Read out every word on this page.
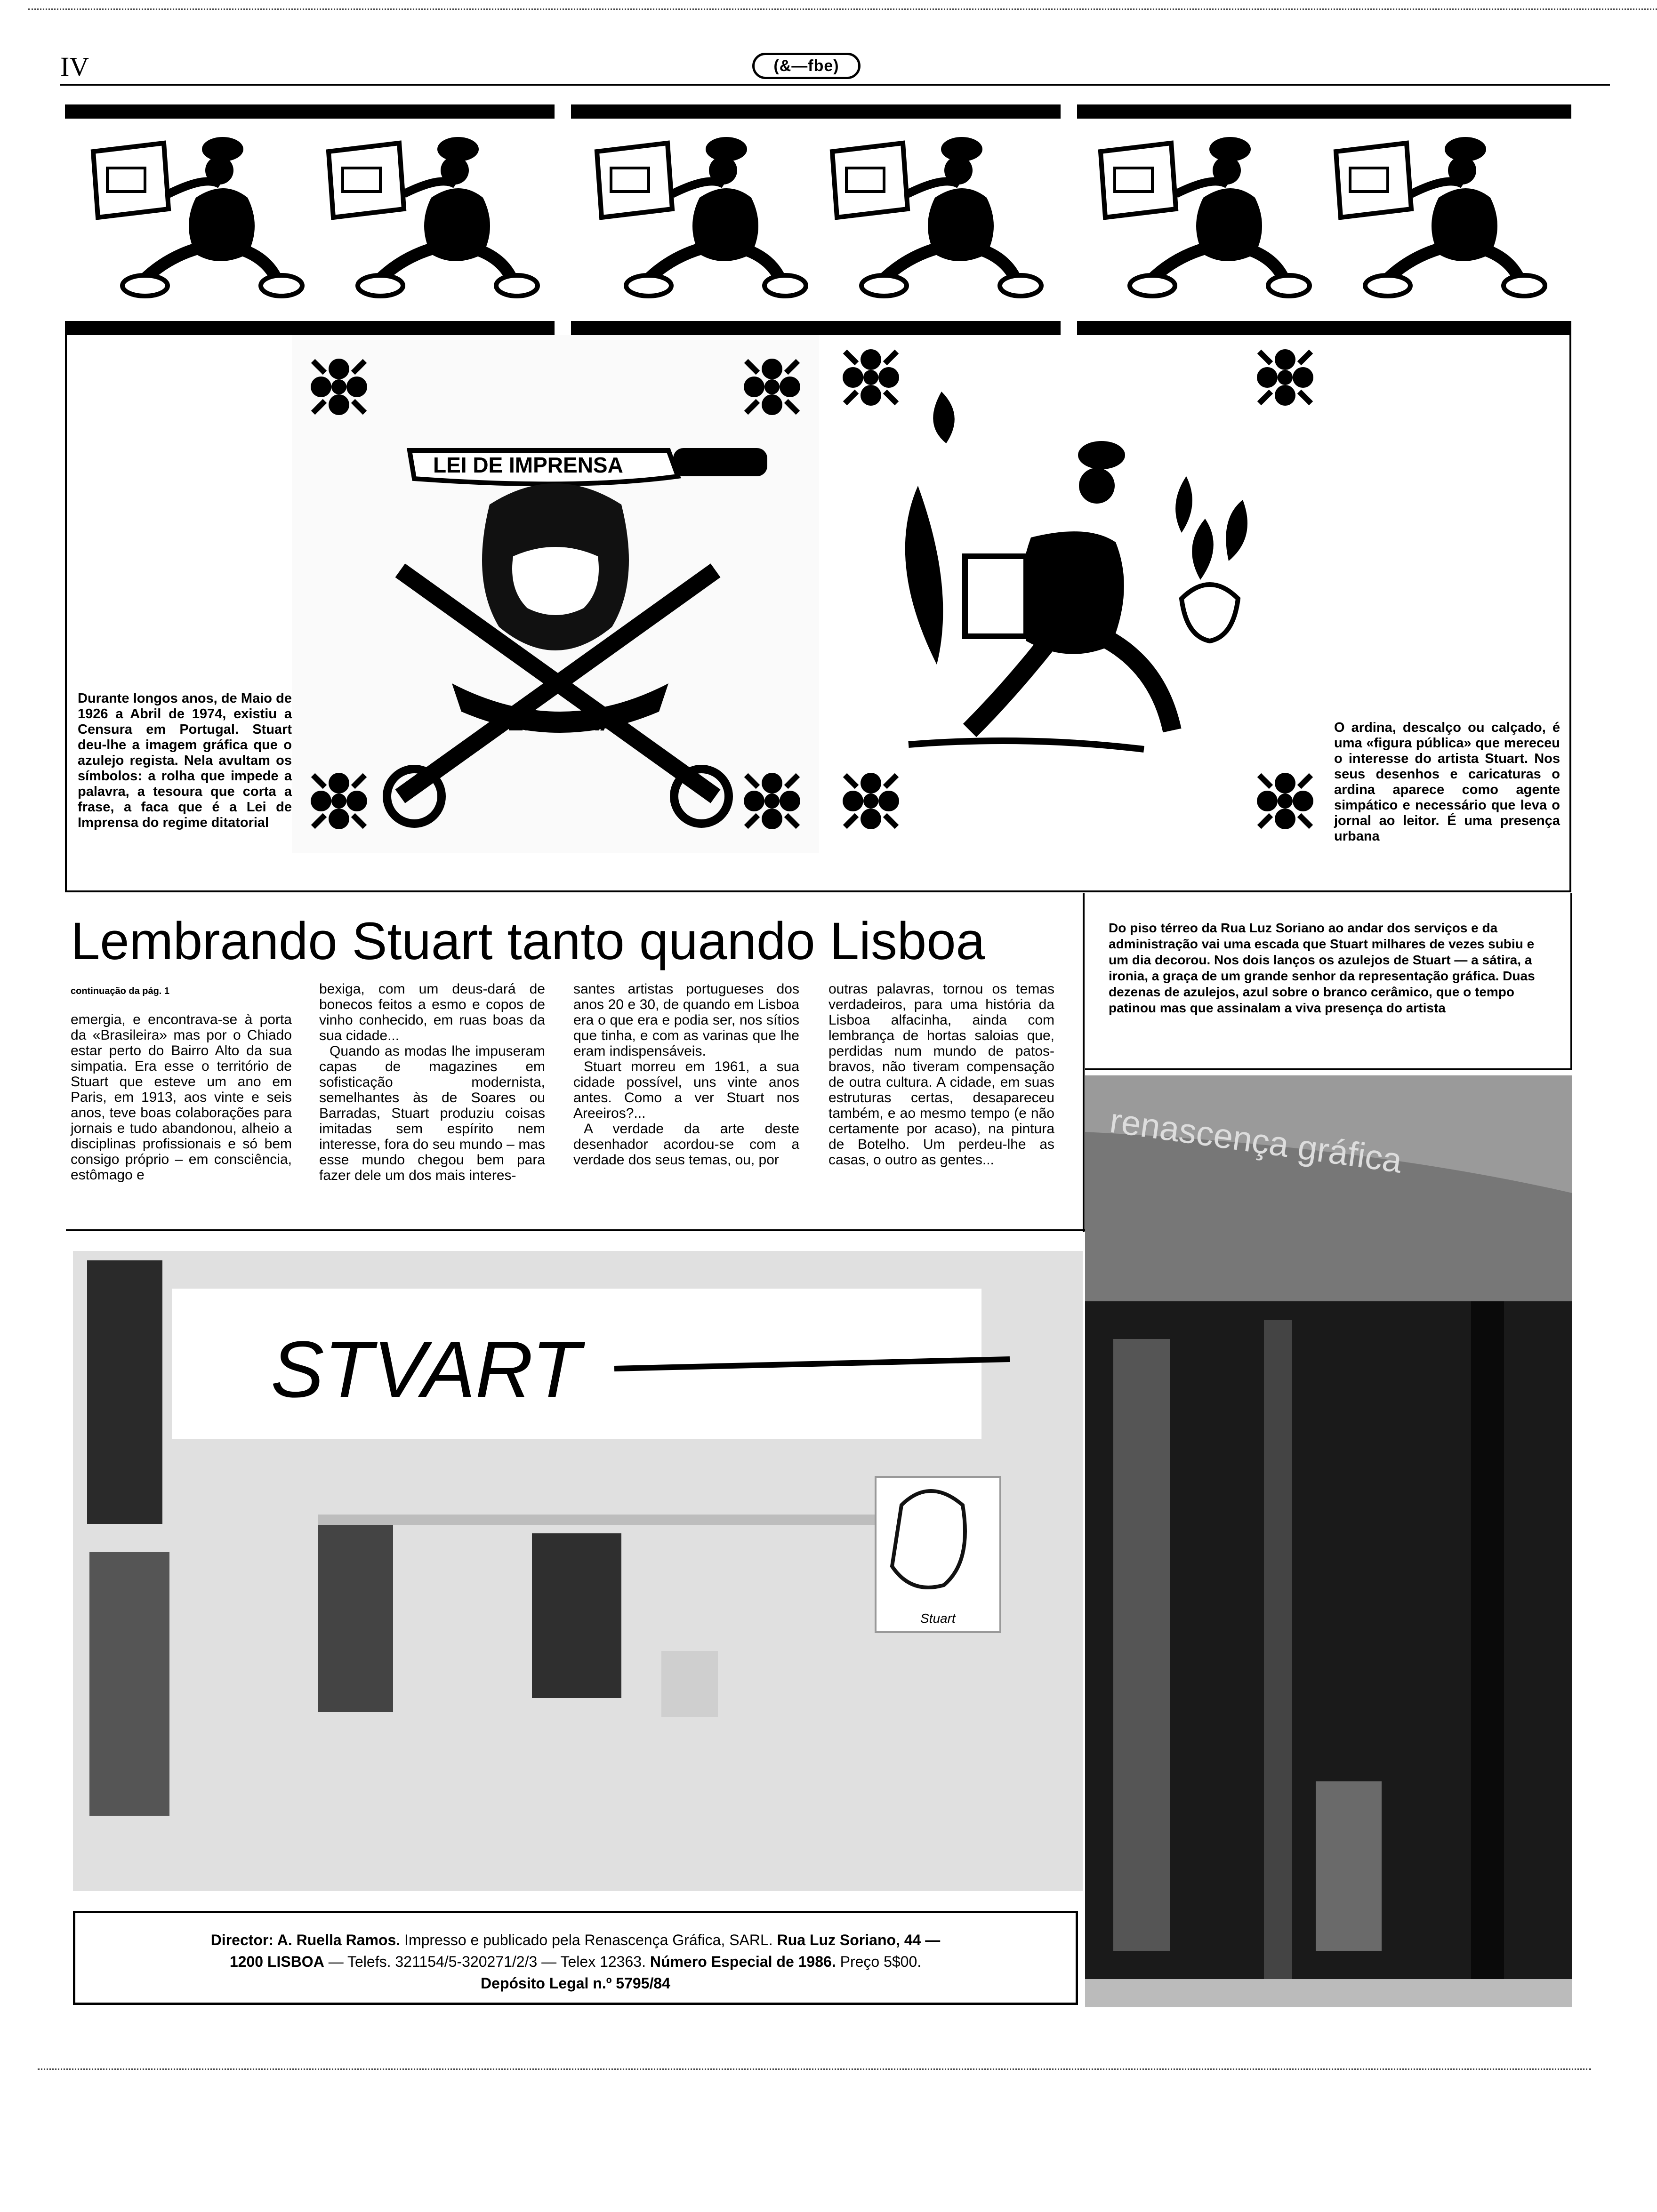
IV	(&—fbe)
LEI DE IMPRENSA
CEN SURA
Durante longos anos, de Maio de 1926 a Abril de 1974, existiu a Censura em Portugal. Stuart deu-lhe a imagem gráfica que o azulejo regista. Nela avultam os símbolos: a rolha que impede a palavra, a tesoura que corta a frase, a faca que é a Lei de Imprensa do regime ditatorial
O ardina, descalço ou calçado, é uma «figura pública» que mereceu o interesse do artista Stuart. Nos seus desenhos e caricaturas o ardina aparece como agente simpático e necessário que leva o jornal ao leitor. É uma presença urbana
Lembrando Stuart tanto quando Lisboa
continuação da pág. 1

emergia, e encontrava-se à porta da «Brasileira» mas por o Chiado estar perto do Bairro Alto da sua simpatia. Era esse o território de Stuart que esteve um ano em Paris, em 1913, aos vinte e seis anos, teve boas colaborações para jornais e tudo abandonou, alheio a disciplinas profissionais e só bem consigo próprio – em consciência, estômago e

bexiga, com um deus-dará de bonecos feitos a esmo e copos de vinho conhecido, em ruas boas da sua cidade...

Quando as modas lhe impuseram capas de magazines em sofisticação modernista, semelhantes às de Soares ou Barradas, Stuart produziu coisas imitadas sem espírito nem interesse, fora do seu mundo – mas esse mundo chegou bem para fazer dele um dos mais interes-

santes artistas portugueses dos anos 20 e 30, de quando em Lisboa era o que era e podia ser, nos sítios que tinha, e com as varinas que lhe eram indispensáveis.

Stuart morreu em 1961, a sua cidade possível, uns vinte anos antes. Como a ver Stuart nos Areeiros?...

A verdade da arte deste desenhador acordou-se com a verdade dos seus temas, ou, por

outras palavras, tornou os temas verdadeiros, para uma história da Lisboa alfacinha, ainda com lembrança de hortas saloias que, perdidas num mundo de patos-bravos, não tiveram compensação de outra cultura. A cidade, em suas estruturas certas, desapareceu também, e ao mesmo tempo (e não certamente por acaso), na pintura de Botelho. Um perdeu-lhe as casas, o outro as gentes...

Do piso térreo da Rua Luz Soriano ao andar dos serviços e da administração vai uma escada que Stuart milhares de vezes subiu e um dia decorou. Nos dois lanços os azulejos de Stuart — a sátira, a ironia, a graça de um grande senhor da representação gráfica. Duas dezenas de azulejos, azul sobre o branco cerâmico, que o tempo patinou mas que assinalam a viva presença do artista
renascença gráfica
Stuart
STVART
Director: A. Ruella Ramos. Impresso e publicado pela Renascença Gráfica, SARL. Rua Luz Soriano, 44 — 1200 LISBOA — Telefs. 321154/5-320271/2/3 — Telex 12363. Número Especial de 1986. Preço 5$00. Depósito Legal n.º 5795/84
